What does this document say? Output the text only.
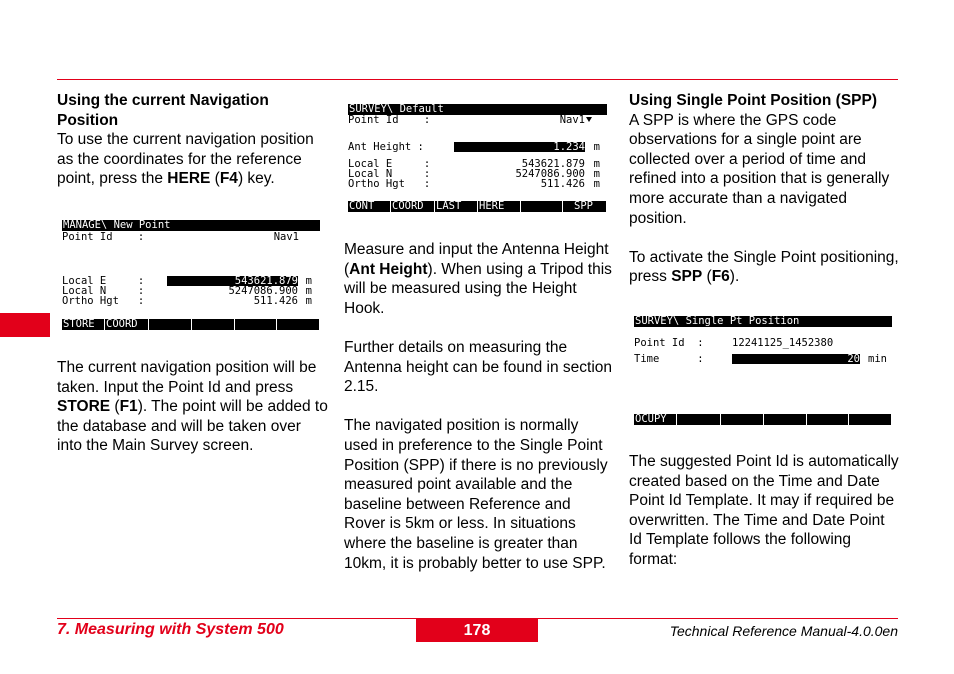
Using the current Navigation Position

To use the current navigation position as the coordinates for the reference point, press the HERE (F4) key.

MANAGE\ New Point
Point Id    :	Nav1
Local E     :	543621.879 m
Local N     :	5247086.900 m
Ortho Hgt   :	511.426 m

STORE

COORD

The current navigation position will be taken. Input the Point Id and press STORE (F1). The point will be added to the database and will be taken over into the Main Survey screen.

SURVEY\ Default
Point Id    :	Nav1
Ant Height :	1.234 m
Local E     :	543621.879 m
Local N     :	5247086.900 m
Ortho Hgt   :	511.426 m

CONT

COORD

LAST

HERE

	SPP

Measure and input the Antenna Height (Ant Height). When using a Tripod this will be measured using the Height Hook.

Further details on measuring the Antenna height can be found in section 2.15.

The navigated position is normally used in preference to the Single Point Position (SPP) if there is no previously measured point available and the baseline between Reference and Rover is 5km or less. In situations where the baseline is greater than 10km, it is probably better to use SPP.

Using Single Point Position (SPP)

A SPP is where the GPS code observations for a single point are collected over a period of time and refined into a position that is generally more accurate than a navigated position.

To activate the Single Point positioning, press SPP (F6).

SURVEY\ Single Pt Position
Point Id  :	12241125_1452380
Time      :	20 min

OCUPY

The suggested Point Id is automatically created based on the Time and Date Point Id Template. It may if required be overwritten. The Time and Date Point Id Template follows the following format:
7. Measuring with System 500	178	Technical Reference Manual-4.0.0en
